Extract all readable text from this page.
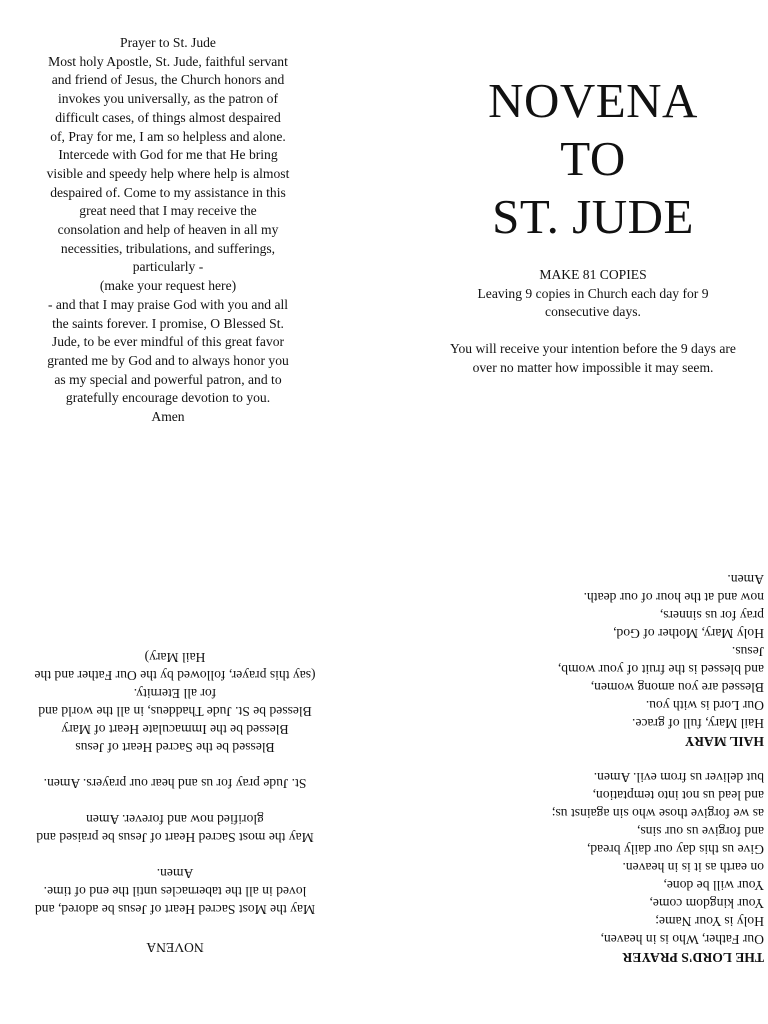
Prayer to St. Jude
Most holy Apostle, St. Jude, faithful servant
and friend of Jesus, the Church honors and
invokes you universally, as the patron of
difficult cases, of things almost despaired
of, Pray for me, I am so helpless and alone.
Intercede with God for me that He bring
visible and speedy help where help is almost
despaired of. Come to my assistance in this
great need that I may receive the
consolation and help of heaven in all my
necessities, tribulations, and sufferings,
particularly -
(make your request here)
- and that I may praise God with you and all
the saints forever. I promise, O Blessed St.
Jude, to be ever mindful of this great favor
granted me by God and to always honor you
as my special and powerful patron, and to
gratefully encourage devotion to you.
Amen
NOVENA
TO
ST. JUDE
MAKE 81 COPIES
Leaving 9 copies in Church each day for 9
consecutive days.
You will receive your intention before the 9 days are
over no matter how impossible it may seem.
THE LORD'S PRAYER
Our Father, Who is in heaven,
Holy is Your Name;
Your kingdom come,
Your will be done,
on earth as it is in heaven.
Give us this day our daily bread,
and forgive us our sins,
as we forgive those who sin against us;
and lead us not into temptation,
but deliver us from evil. Amen.
HAIL MARY
Hail Mary, full of grace.
Our Lord is with you.
Blessed are you among women,
and blessed is the fruit of your womb,
Jesus.
Holy Mary, Mother of God,
pray for us sinners,
now and at the hour of our death.
Amen.
NOVENA
May the Most Sacred Heart of Jesus be adored, and
loved in all the tabernacles until the end of time.
Amen.
May the most Sacred Heart of Jesus be praised and
glorified now and forever. Amen
St. Jude pray for us and hear our prayers. Amen.
Blessed be the Sacred Heart of Jesus
Blessed be the Immaculate Heart of Mary
Blessed be St. Jude Thaddeus, in all the world and
for all Eternity.
(say this prayer, followed by the Our Father and the
Hail Mary)
